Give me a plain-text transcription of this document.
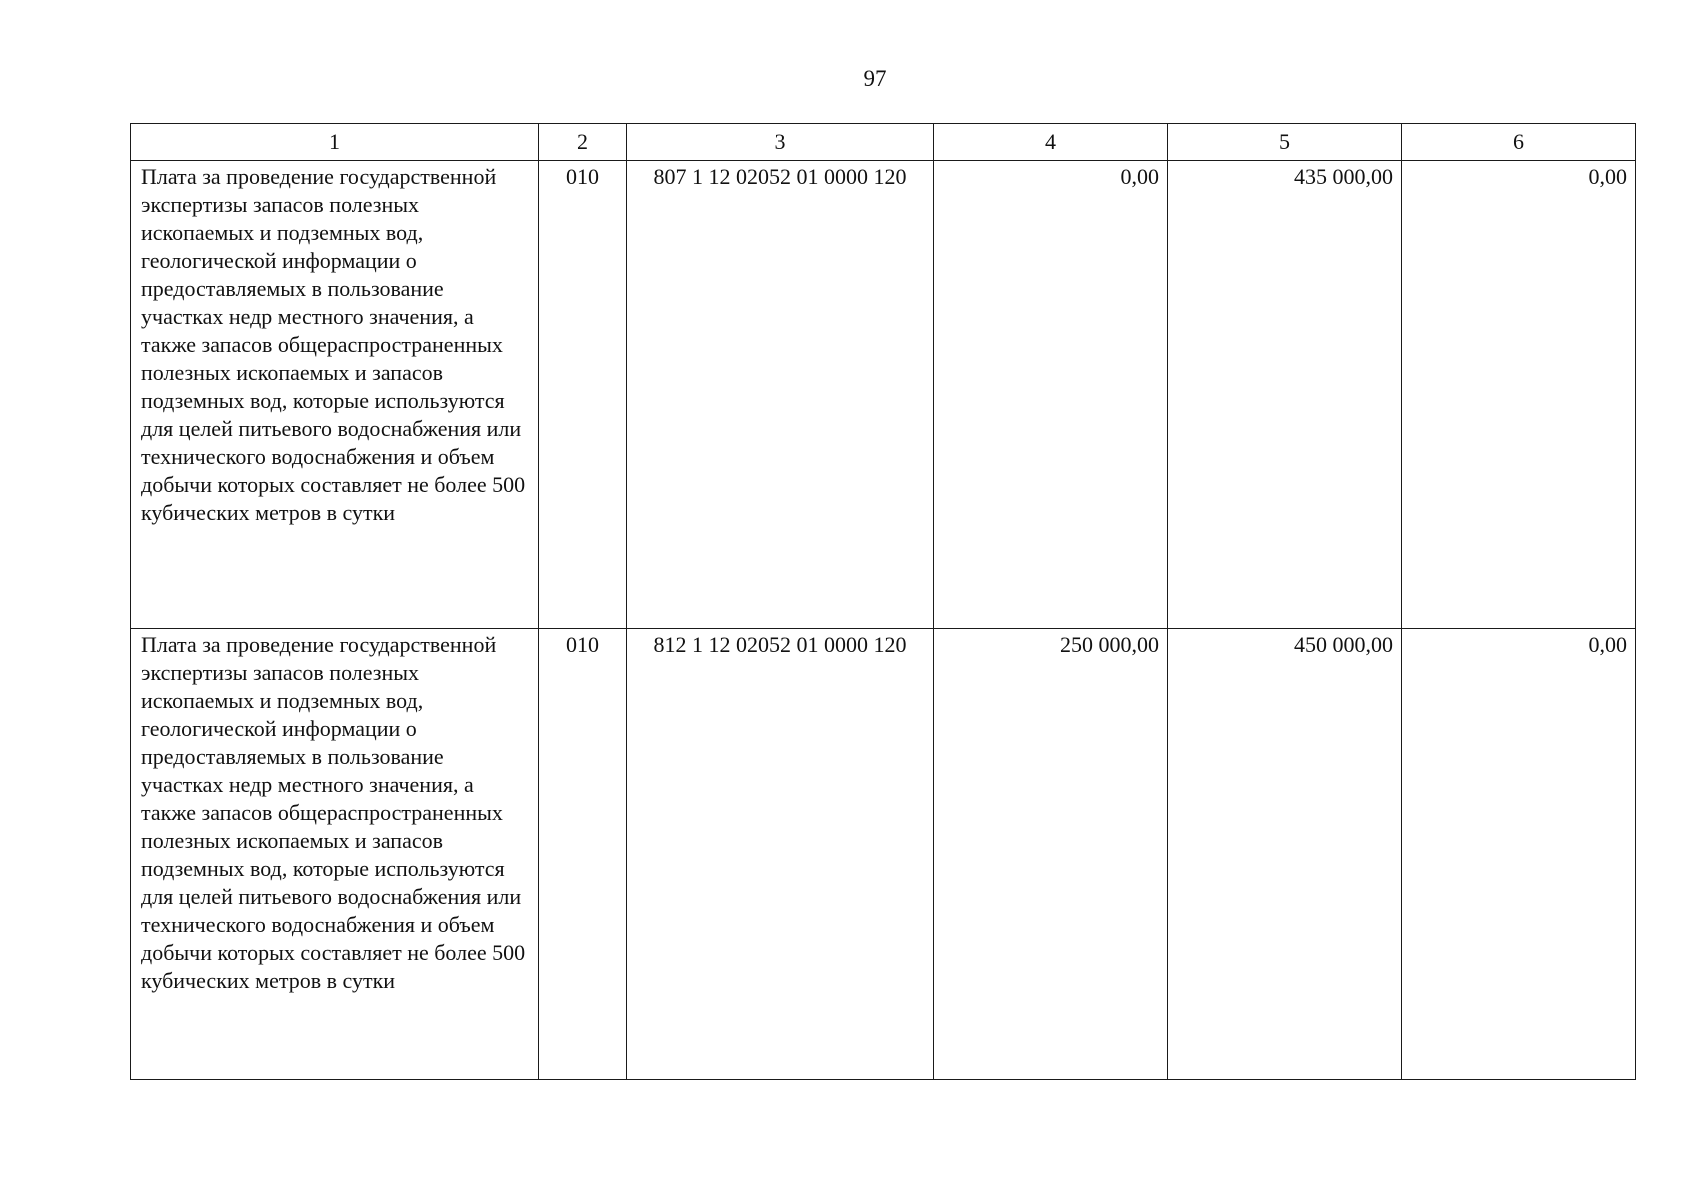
97
1	2	3	4	5	6
Плата за проведение государственной экспертизы запасов полезных ископаемых и подземных вод, геологической информации о предоставляемых в пользование участках недр местного значения, а также запасов общераспространенных полезных ископаемых и запасов подземных вод, которые используются для целей питьевого водоснабжения или технического водоснабжения и объем добычи которых составляет не более 500 кубических метров в сутки	010	807 1 12 02052 01 0000 120	0,00	435 000,00	0,00
Плата за проведение государственной экспертизы запасов полезных ископаемых и подземных вод, геологической информации о предоставляемых в пользование участках недр местного значения, а также запасов общераспространенных полезных ископаемых и запасов подземных вод, которые используются для целей питьевого водоснабжения или технического водоснабжения и объем добычи которых составляет не более 500 кубических метров в сутки	010	812 1 12 02052 01 0000 120	250 000,00	450 000,00	0,00
